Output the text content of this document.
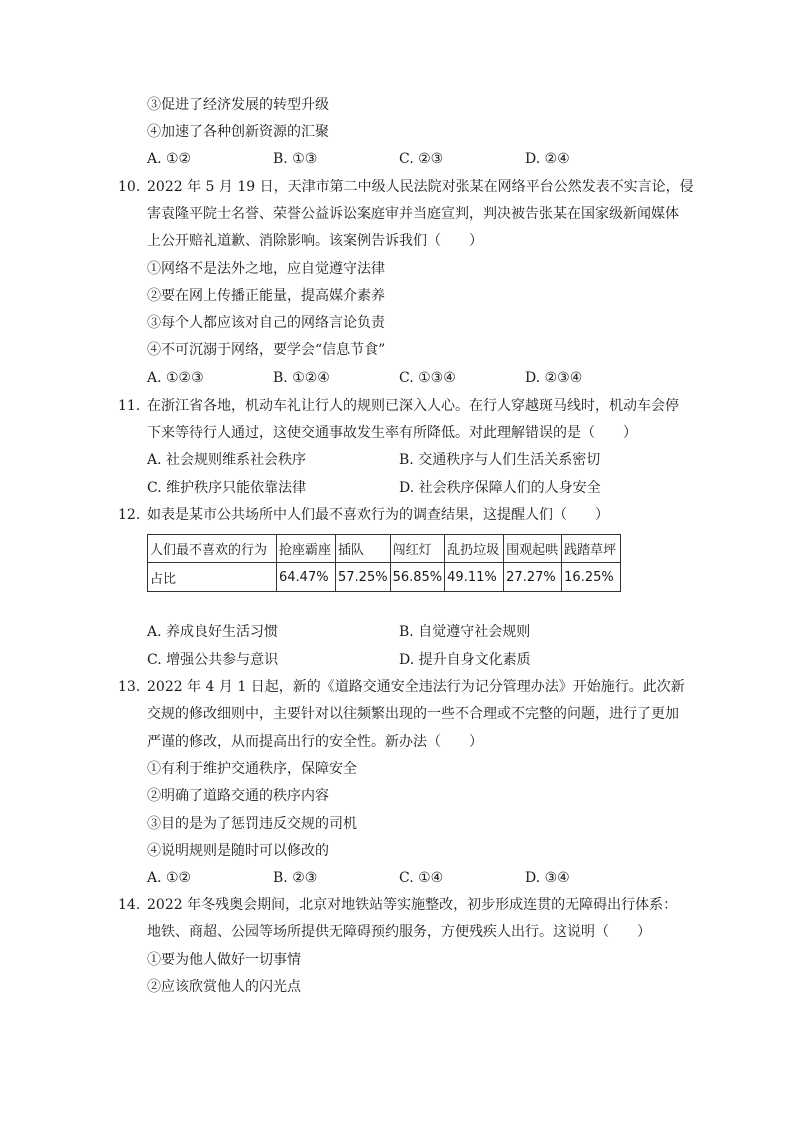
③促进了经济发展的转型升级
④加速了各种创新资源的汇聚
A. ①②	B. ①③	C. ②③	D. ②④
10. 2022 年 5 月 19 日，天津市第二中级人民法院对张某在网络平台公然发表不实言论，侵
害袁隆平院士名誉、荣誉公益诉讼案庭审并当庭宣判，判决被告张某在国家级新闻媒体
上公开赔礼道歉、消除影响。该案例告诉我们（　　）
①网络不是法外之地，应自觉遵守法律
②要在网上传播正能量，提高媒介素养
③每个人都应该对自己的网络言论负责
④不可沉溺于网络，要学会“信息节食”
A. ①②③	B. ①②④	C. ①③④	D. ②③④
11. 在浙江省各地，机动车礼让行人的规则已深入人心。在行人穿越斑马线时，机动车会停
下来等待行人通过，这使交通事故发生率有所降低。对此理解错误的是（　　）
A. 社会规则维系社会秩序	B. 交通秩序与人们生活关系密切
C. 维护秩序只能依靠法律	D. 社会秩序保障人们的人身安全
12. 如表是某市公共场所中人们最不喜欢行为的调查结果，这提醒人们（　　）
人们最不喜欢的行为	抢座霸座	插队	闯红灯	乱扔垃圾	围观起哄	践踏草坪
占比	64.47%	57.25%	56.85%	49.11%	27.27%	16.25%
A. 养成良好生活习惯	B. 自觉遵守社会规则
C. 增强公共参与意识	D. 提升自身文化素质
13. 2022 年 4 月 1 日起，新的《道路交通安全违法行为记分管理办法》开始施行。此次新
交规的修改细则中，主要针对以往频繁出现的一些不合理或不完整的问题，进行了更加
严谨的修改，从而提高出行的安全性。新办法（　　）
①有利于维护交通秩序，保障安全
②明确了道路交通的秩序内容
③目的是为了惩罚违反交规的司机
④说明规则是随时可以修改的
A. ①②	B. ②③	C. ①④	D. ③④
14. 2022 年冬残奥会期间，北京对地铁站等实施整改，初步形成连贯的无障碍出行体系：
地铁、商超、公园等场所提供无障碍预约服务，方便残疾人出行。这说明（　　）
①要为他人做好一切事情
②应该欣赏他人的闪光点
